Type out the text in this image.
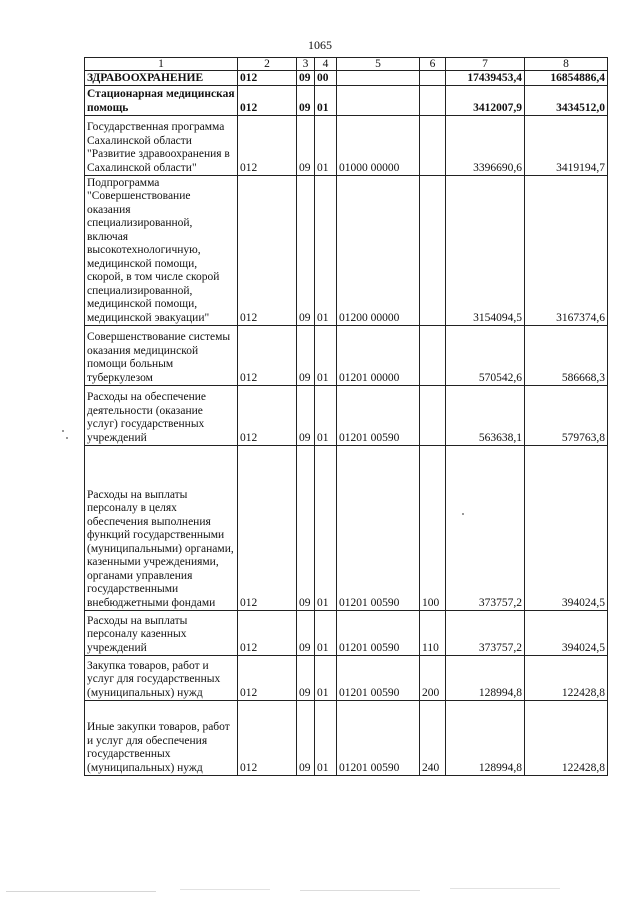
1065
1	2	3	4	5	6	7	8
ЗДРАВООХРАНЕНИЕ	012	09	00			17439453,4	16854886,4
Стационарная медицинская помощь	012	09	01			3412007,9	3434512,0
Государственная программа Сахалинской области "Развитие здравоохранения в Сахалинской области"	012	09	01	01000 00000		3396690,6	3419194,7
Подпрограмма "Совершенствование оказания специализированной, включая высокотехнологичную, медицинской помощи, скорой, в том числе скорой специализированной, медицинской помощи, медицинской эвакуации"	012	09	01	01200 00000		3154094,5	3167374,6
Совершенствование системы оказания медицинской помощи больным туберкулезом	012	09	01	01201 00000		570542,6	586668,3
Расходы на обеспечение деятельности (оказание услуг) государственных учреждений	012	09	01	01201 00590		563638,1	579763,8
Расходы на выплаты персоналу в целях обеспечения выполнения функций государственными (муниципальными) органами, казенными учреждениями, органами управления государственными внебюджетными фондами	012	09	01	01201 00590	100	373757,2	394024,5
Расходы на выплаты персоналу казенных учреждений	012	09	01	01201 00590	110	373757,2	394024,5
Закупка товаров, работ и услуг для государственных (муниципальных) нужд	012	09	01	01201 00590	200	128994,8	122428,8
Иные закупки товаров, работ и услуг для обеспечения государственных (муниципальных) нужд	012	09	01	01201 00590	240	128994,8	122428,8
